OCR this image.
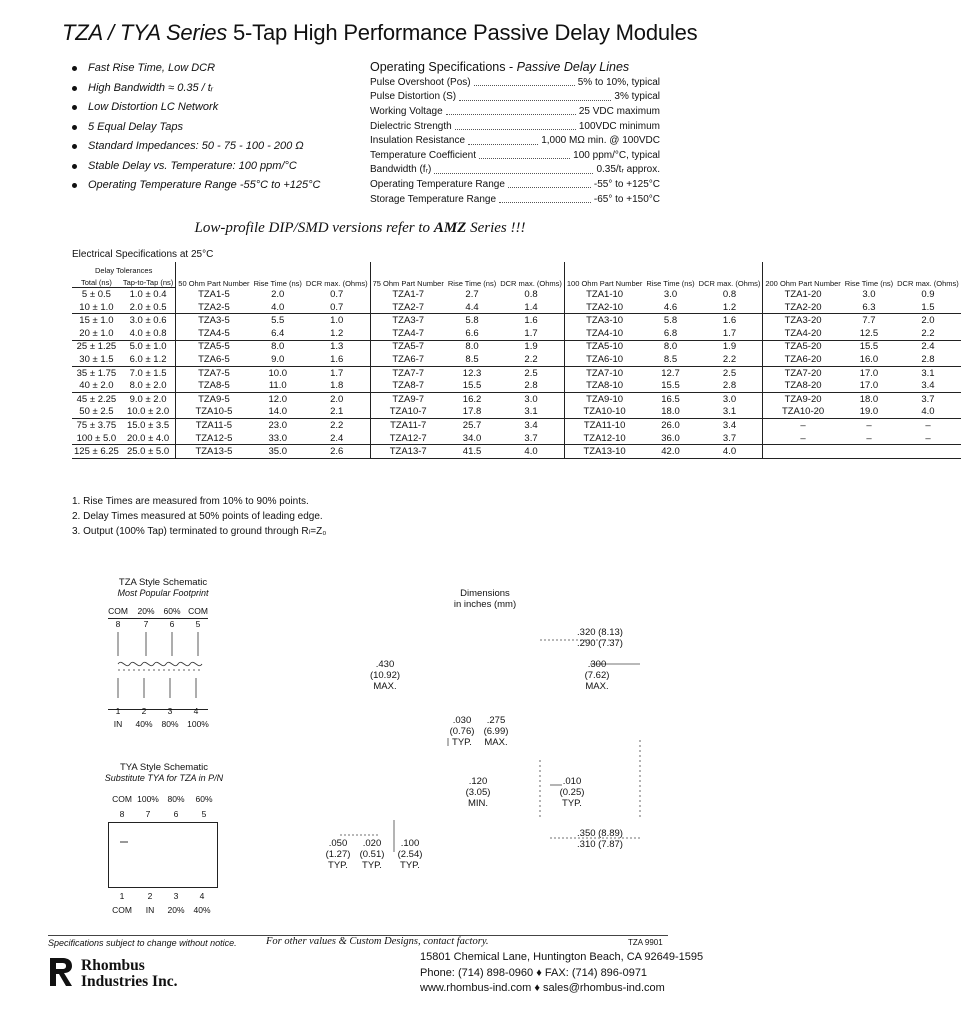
TZA / TYA Series 5-Tap High Performance Passive Delay Modules
Fast Rise Time, Low DCR
High Bandwidth ≈ 0.35 / tᵣ
Low Distortion LC Network
5 Equal Delay Taps
Standard Impedances: 50 - 75 - 100 - 200 Ω
Stable Delay vs. Temperature: 100 ppm/°C
Operating Temperature Range -55°C to +125°C
Operating Specifications - Passive Delay Lines
Pulse Overshoot (Pos)	5% to 10%, typical
Pulse Distortion (S)	3% typical
Working Voltage	25 VDC maximum
Dielectric Strength	100VDC minimum
Insulation Resistance	1,000 MΩ min. @ 100VDC
Temperature Coefficient	100 ppm/°C, typical
Bandwidth (fᵣ)	0.35/tᵣ approx.
Operating Temperature Range	-55° to +125°C
Storage Temperature Range	-65° to +150°C
Low-profile DIP/SMD versions refer to AMZ Series !!!
Electrical Specifications at 25°C
Delay Tolerances		50 Ohm Part Number	Rise Time (ns)	DCR max. (Ohms)	75 Ohm Part Number	Rise Time (ns)	DCR max. (Ohms)	100 Ohm Part Number	Rise Time (ns)	DCR max. (Ohms)	200 Ohm Part Number	Rise Time (ns)	DCR max. (Ohms)
Total (ns)	Tap-to-Tap (ns)												
5 ± 0.5	1.0 ± 0.4	TZA1-5	2.0	0.7	TZA1-7	2.7	0.8	TZA1-10	3.0	0.8	TZA1-20	3.0	0.9
10 ± 1.0	2.0 ± 0.5	TZA2-5	4.0	0.7	TZA2-7	4.4	1.4	TZA2-10	4.6	1.2	TZA2-20	6.3	1.5
15 ± 1.0	3.0 ± 0.6	TZA3-5	5.5	1.0	TZA3-7	5.8	1.6	TZA3-10	5.8	1.6	TZA3-20	7.7	2.0
20 ± 1.0	4.0 ± 0.8	TZA4-5	6.4	1.2	TZA4-7	6.6	1.7	TZA4-10	6.8	1.7	TZA4-20	12.5	2.2
25 ± 1.25	5.0 ± 1.0	TZA5-5	8.0	1.3	TZA5-7	8.0	1.9	TZA5-10	8.0	1.9	TZA5-20	15.5	2.4
30 ± 1.5	6.0 ± 1.2	TZA6-5	9.0	1.6	TZA6-7	8.5	2.2	TZA6-10	8.5	2.2	TZA6-20	16.0	2.8
35 ± 1.75	7.0 ± 1.5	TZA7-5	10.0	1.7	TZA7-7	12.3	2.5	TZA7-10	12.7	2.5	TZA7-20	17.0	3.1
40 ± 2.0	8.0 ± 2.0	TZA8-5	11.0	1.8	TZA8-7	15.5	2.8	TZA8-10	15.5	2.8	TZA8-20	17.0	3.4
45 ± 2.25	9.0 ± 2.0	TZA9-5	12.0	2.0	TZA9-7	16.2	3.0	TZA9-10	16.5	3.0	TZA9-20	18.0	3.7
50 ± 2.5	10.0 ± 2.0	TZA10-5	14.0	2.1	TZA10-7	17.8	3.1	TZA10-10	18.0	3.1	TZA10-20	19.0	4.0
75 ± 3.75	15.0 ± 3.5	TZA11-5	23.0	2.2	TZA11-7	25.7	3.4	TZA11-10	26.0	3.4	–	–	–
100 ± 5.0	20.0 ± 4.0	TZA12-5	33.0	2.4	TZA12-7	34.0	3.7	TZA12-10	36.0	3.7	–	–	–
125 ± 6.25	25.0 ± 5.0	TZA13-5	35.0	2.6	TZA13-7	41.5	4.0	TZA13-10	42.0	4.0			
1. Rise Times are measured from 10% to 90% points.
2. Delay Times measured at 50% points of leading edge.
3. Output (100% Tap) terminated to ground through Rₗ=Z₀
TZA Style Schematic
Most Popular Footprint
COM	20%	60% COM
8	7	6	5
1	2	3	4
IN	40%	80%	100%
TYA Style Schematic
Substitute TYA for TZA in P/N
COM 100%	80%	60%
8	7	6	5
1	2	3	4
COM	IN	20%	40%
Dimensions
in inches (mm)
.430
(10.92)
MAX.
.320 (8.13)
.290 (7.37)
.300
(7.62)
MAX.
.030
(0.76)
TYP.
.275
(6.99)
MAX.
.120
(3.05)
MIN.
.010
(0.25)
TYP.
.350 (8.89)
.310 (7.87)
.050
(1.27)
TYP.
.020
(0.51)
TYP.
.100
(2.54)
TYP.
Specifications subject to change without notice.	For other values & Custom Designs, contact factory.	TZA 9901
Rhombus
Industries Inc.
15801 Chemical Lane, Huntington Beach, CA 92649-1595
Phone: (714) 898-0960 ♦ FAX: (714) 896-0971
www.rhombus-ind.com ♦ sales@rhombus-ind.com
